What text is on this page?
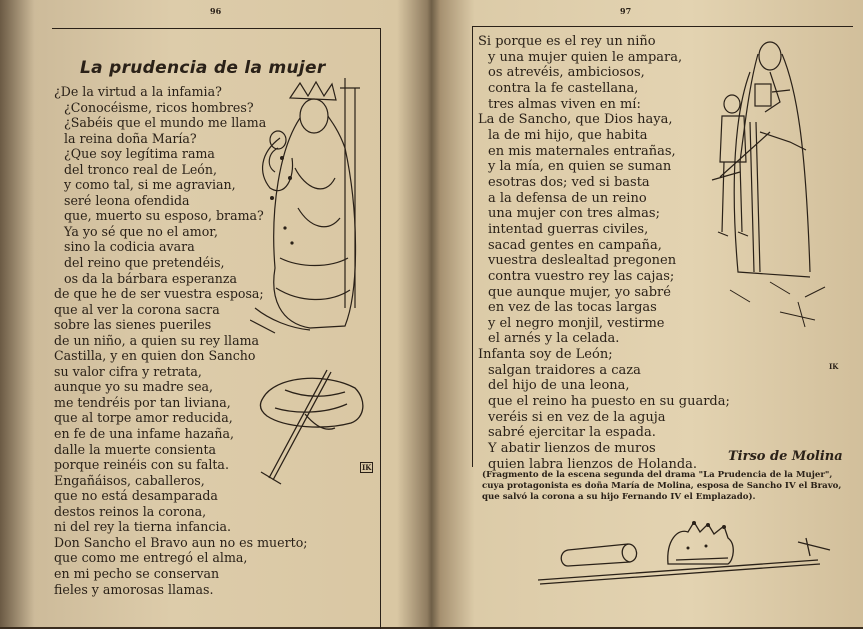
96
La prudencia de la mujer
¿De la virtud a la infamia?
¿Conocéisme, ricos hombres?
¿Sabéis que el mundo me llama
la reina doña María?
¿Que soy legítima rama
del tronco real de León,
y como tal, si me agravian,
seré leona ofendida
que, muerto su esposo, brama?
Ya yo sé que no el amor,
sino la codicia avara
del reino que pretendéis,
os da la bárbara esperanza
de que he de ser vuestra esposa;
que al ver la corona sacra
sobre las sienes pueriles
de un niño, a quien su rey llama
Castilla, y en quien don Sancho
su valor cifra y retrata,
aunque yo su madre sea,
me tendréis por tan liviana,
que al torpe amor reducida,
en fe de una infame hazaña,
dalle la muerte consienta
porque reinéis con su falta.
Engañáisos, caballeros,
que no está desamparada
destos reinos la corona,
ni del rey la tierna infancia.
Don Sancho el Bravo aun no es muerto;
que como me entregó el alma,
en mi pecho se conservan
fieles y amorosas llamas.
IK
97
Si porque es el rey un niño
y una mujer quien le ampara,
os atrevéis, ambiciosos,
contra la fe castellana,
tres almas viven en mí:
La de Sancho, que Dios haya,
la de mi hijo, que habita
en mis maternales entrañas,
y la mía, en quien se suman
esotras dos; ved si basta
a la defensa de un reino
una mujer con tres almas;
intentad guerras civiles,
sacad gentes en campaña,
vuestra deslealtad pregonen
contra vuestro rey las cajas;
que aunque mujer, yo sabré
en vez de las tocas largas
y el negro monjil, vestirme
el arnés y la celada.
Infanta soy de León;
salgan traidores a caza
del hijo de una leona,
que el reino ha puesto en su guarda;
veréis si en vez de la aguja
sabré ejercitar la espada.
Y abatir lienzos de muros
quien labra lienzos de Holanda.
IK
Tirso de Molina
(Fragmento de la escena segunda del drama "La Prudencia de la Mujer", cuya protagonista es doña María de Molina, esposa de Sancho IV el Bravo, que salvó la corona a su hijo Fernando IV el Emplazado).
